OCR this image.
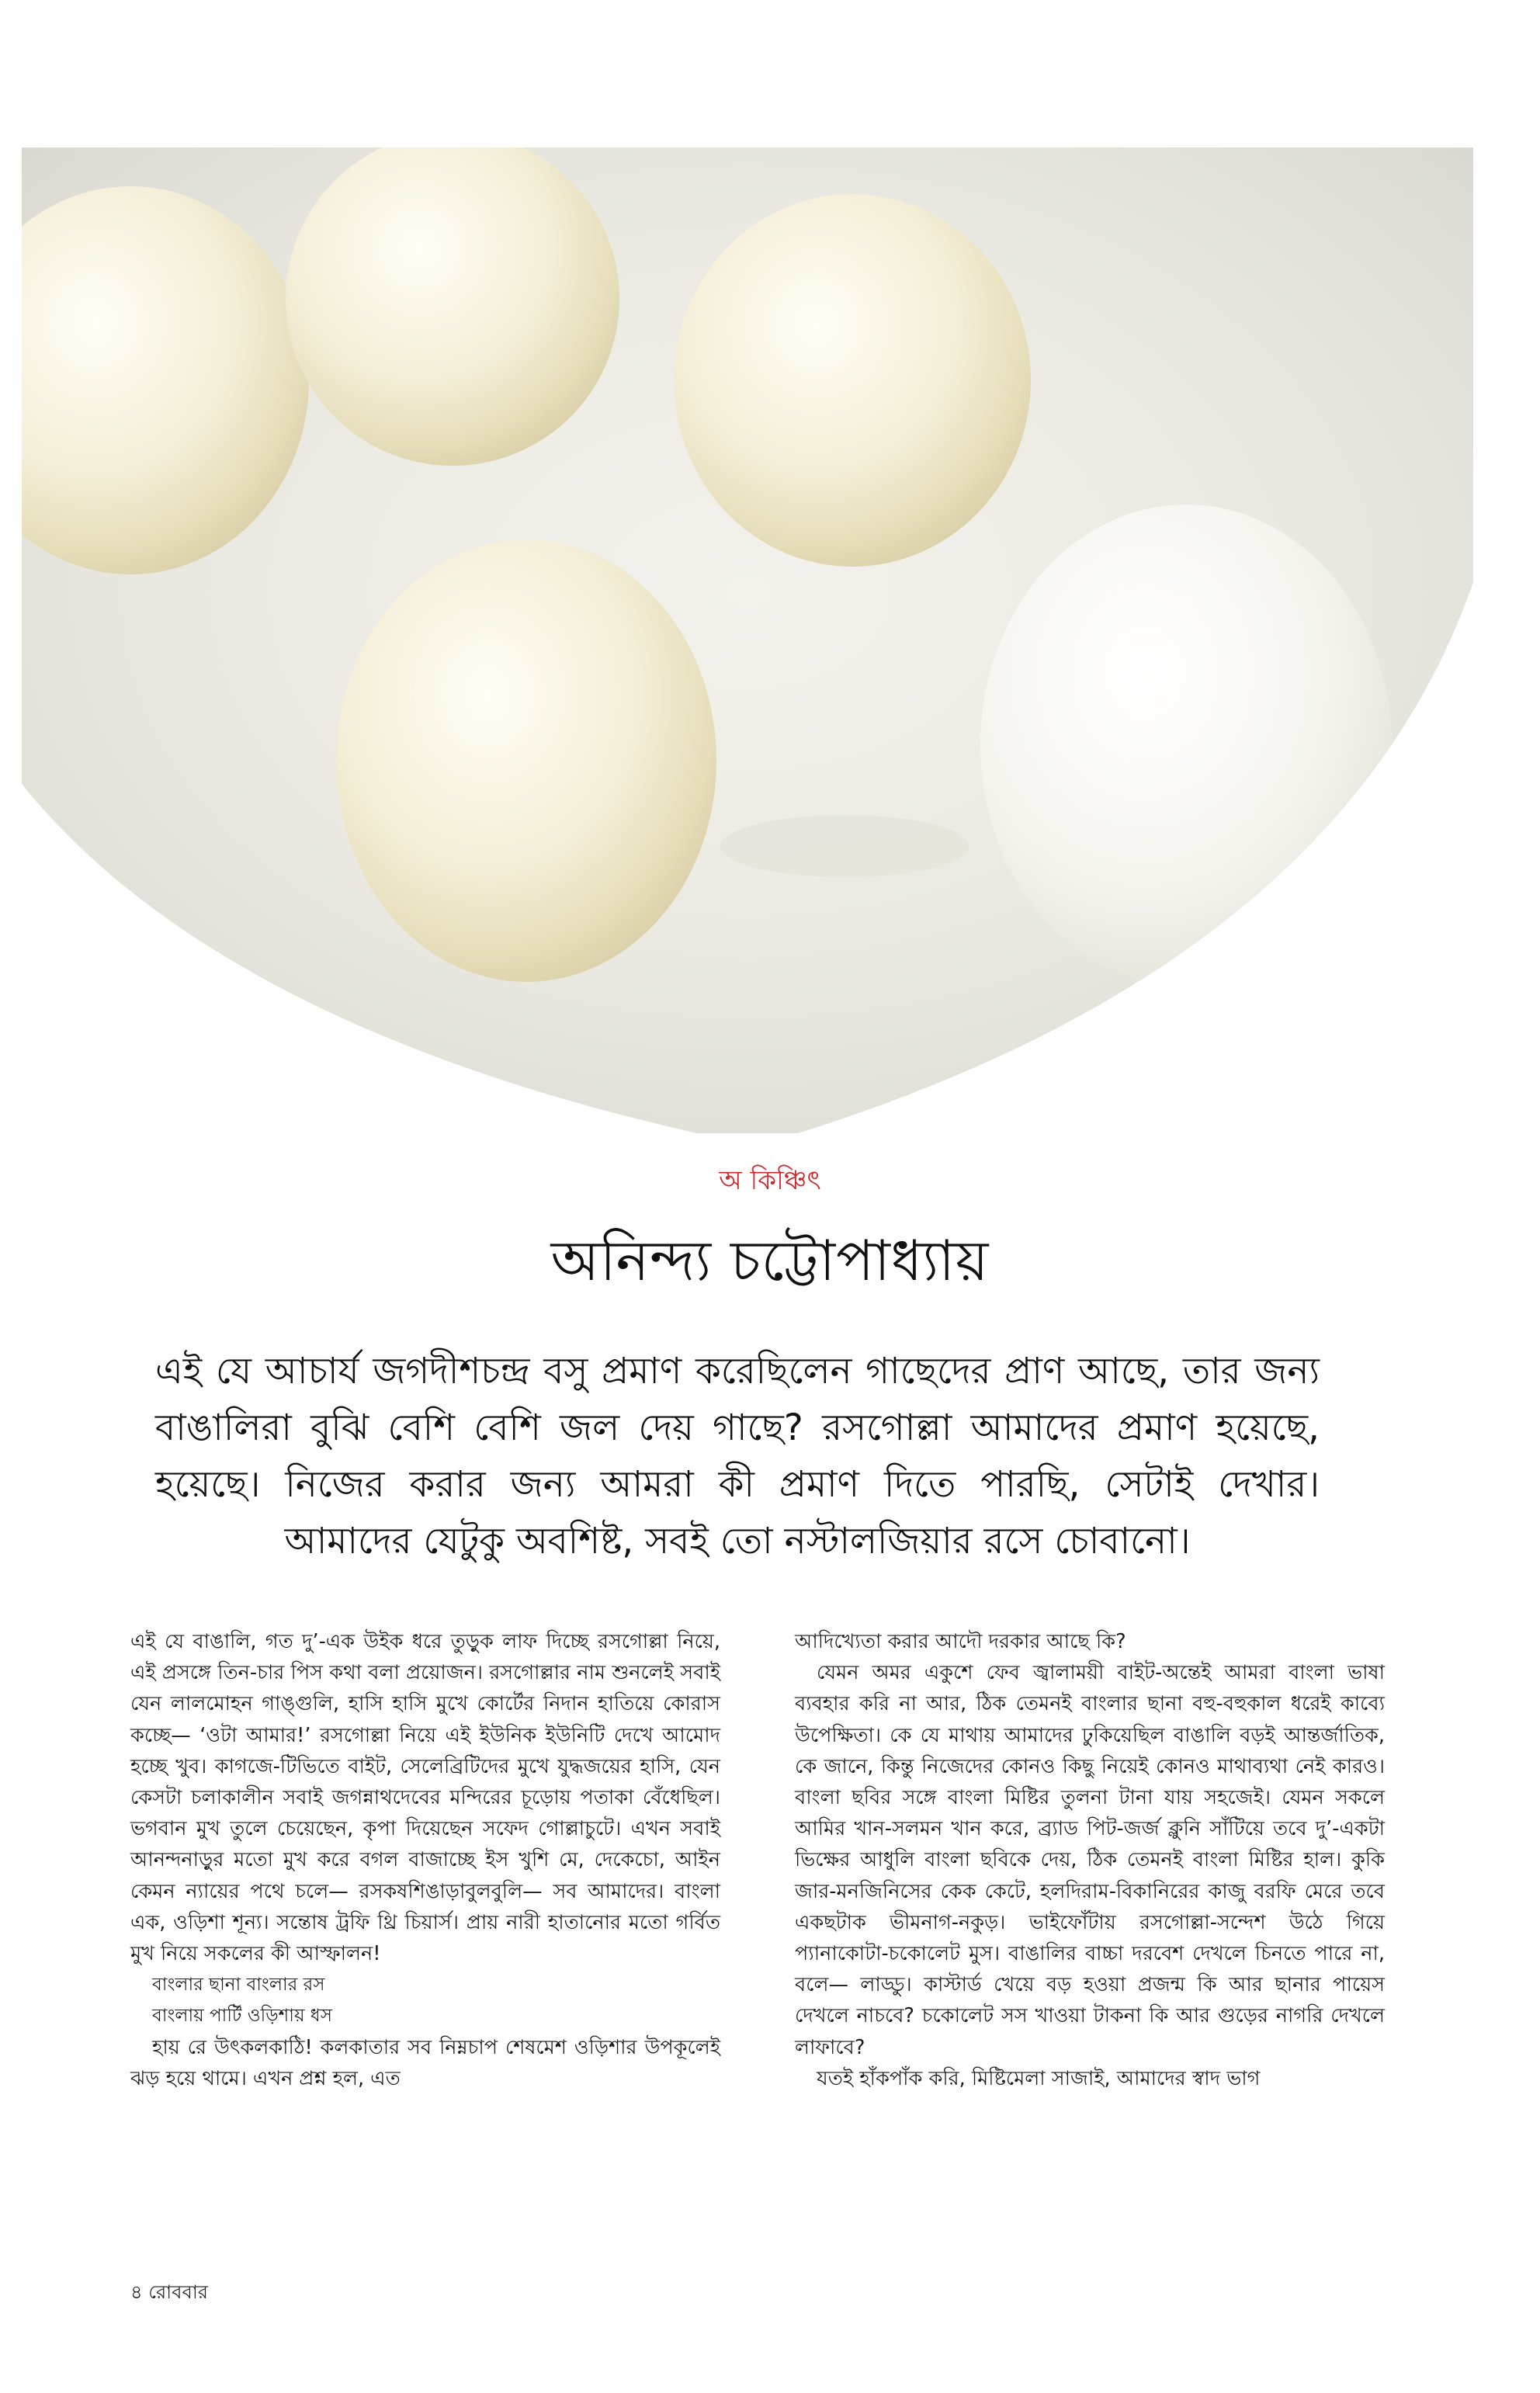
অ কিঞ্চিৎ
অনিন্দ্য চট্টোপাধ্যায়
এই যে আচার্য জগদীশচন্দ্র বসু প্রমাণ করেছিলেন গাছেদের প্রাণ আছে, তার জন্য বাঙালিরা বুঝি বেশি বেশি জল দেয় গাছে? রসগোল্লা আমাদের প্রমাণ হয়েছে, হয়েছে। নিজের করার জন্য আমরা কী প্রমাণ দিতে পারছি, সেটাই দেখার। আমাদের যেটুকু অবশিষ্ট, সবই তো নস্টালজিয়ার রসে চোবানো।

এই যে বাঙালি, গত দু’-এক উইক ধরে তুড়ুক লাফ দিচ্ছে রসগোল্লা নিয়ে, এই প্রসঙ্গে তিন-চার পিস কথা বলা প্রয়োজন। রসগোল্লার নাম শুনলেই সবাই যেন লালমোহন গাঙ্গুলি, হাসি হাসি মুখে কোর্টের নিদান হাতিয়ে কোরাস কচ্ছে— ‘ওটা আমার!’ রসগোল্লা নিয়ে এই ইউনিক ইউনিটি দেখে আমোদ হচ্ছে খুব। কাগজে-টিভিতে বাইট, সেলেব্রিটিদের মুখে যুদ্ধজয়ের হাসি, যেন কেসটা চলাকালীন সবাই জগন্নাথদেবের মন্দিরের চূড়োয় পতাকা বেঁধেছিল। ভগবান মুখ তুলে চেয়েছেন, কৃপা দিয়েছেন সফেদ গোল্লাচুটে। এখন সবাই আনন্দনাড়ুর মতো মুখ করে বগল বাজাচ্ছে ইস খুশি মে, দেকেচো, আইন কেমন ন্যায়ের পথে চলে— রসকষশিঙাড়াবুলবুলি— সব আমাদের। বাংলা এক, ওড়িশা শূন্য। সন্তোষ ট্রফি থ্রি চিয়ার্স। প্রায় নারী হাতানোর মতো গর্বিত মুখ নিয়ে সকলের কী আস্ফালন!

বাংলার ছানা বাংলার রস
বাংলায় পার্টি ওড়িশায় ধস

হায় রে উৎকলকাঠি! কলকাতার সব নিম্নচাপ শেষমেশ ওড়িশার উপকূলেই ঝড় হয়ে থামে। এখন প্রশ্ন হল, এত

আদিখ্যেতা করার আদৌ দরকার আছে কি?

যেমন অমর একুশে ফেব জ্বালাময়ী বাইট-অন্তেই আমরা বাংলা ভাষা ব্যবহার করি না আর, ঠিক তেমনই বাংলার ছানা বহু-বহুকাল ধরেই কাব্যে উপেক্ষিতা। কে যে মাথায় আমাদের ঢুকিয়েছিল বাঙালি বড়ই আন্তর্জাতিক, কে জানে, কিন্তু নিজেদের কোনও কিছু নিয়েই কোনও মাথাব্যথা নেই কারও। বাংলা ছবির সঙ্গে বাংলা মিষ্টির তুলনা টানা যায় সহজেই। যেমন সকলে আমির খান-সলমন খান করে, ব্র্যাড পিট-জর্জ ক্লুনি সাঁটিয়ে তবে দু’-একটা ভিক্ষের আধুলি বাংলা ছবিকে দেয়, ঠিক তেমনই বাংলা মিষ্টির হাল। কুকি জার-মনজিনিসের কেক কেটে, হলদিরাম-বিকানিরের কাজু বরফি মেরে তবে একছটাক ভীমনাগ-নকুড়। ভাইফোঁটায় রসগোল্লা-সন্দেশ উঠে গিয়ে প্যানাকোটা-চকোলেট মুস। বাঙালির বাচ্চা দরবেশ দেখলে চিনতে পারে না, বলে— লাড্ডু। কাস্টার্ড খেয়ে বড় হওয়া প্রজন্ম কি আর ছানার পায়েস দেখলে নাচবে? চকোলেট সস খাওয়া টাকনা কি আর গুড়ের নাগরি দেখলে লাফাবে?

যতই হাঁকপাঁক করি, মিষ্টিমেলা সাজাই, আমাদের স্বাদ ভাগ

৪ রোববার
